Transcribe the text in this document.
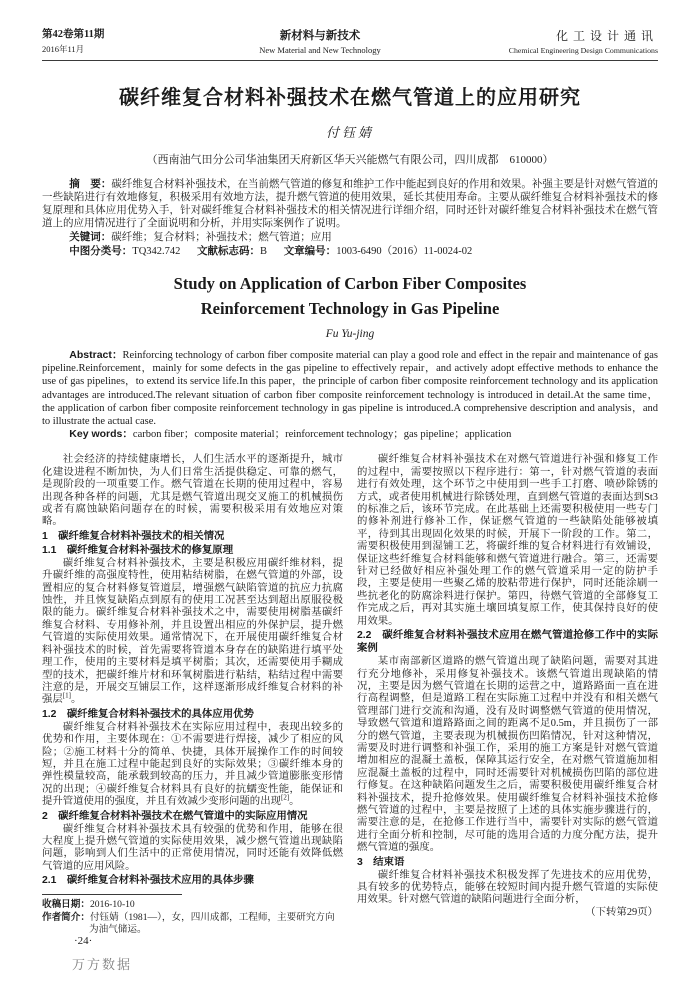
第42卷第11期
2016年11月
新材料与新技术
New Material and New Technology
化工设计通讯
Chemical Engineering Design Communications
碳纤维复合材料补强技术在燃气管道上的应用研究
付钰婧
（西南油气田分公司华油集团天府新区华天兴能燃气有限公司，四川成都　610000）

摘　要：碳纤维复合材料补强技术，在当前燃气管道的修复和维护工作中能起到良好的作用和效果。补强主要是针对燃气管道的一些缺陷进行有效地修复，积极采用有效地方法，提升燃气管道的使用效果，延长其使用寿命。主要从碳纤维复合材料补强技术的修复原理和具体应用优势入手，针对碳纤维复合材料补强技术的相关情况进行详细介绍，同时还针对碳纤维复合材料补强技术在燃气管道上的应用情况进行了全面说明和分析，并用实际案例作了说明。

关键词：碳纤维；复合材料；补强技术；燃气管道；应用
中图分类号：TQ342.742 文献标志码：B 文章编号：1003-6490（2016）11-0024-02
Study on Application of Carbon Fiber Composites
Reinforcement Technology in Gas Pipeline
Fu Yu-jing

Abstract：Reinforcing technology of carbon fiber composite material can play a good role and effect in the repair and maintenance of gas pipeline.Reinforcement，mainly for some defects in the gas pipeline to effectively repair，and actively adopt effective methods to enhance the use of gas pipelines，to extend its service life.In this paper，the principle of carbon fiber composite reinforcement technology and its application advantages are introduced.The relevant situation of carbon fiber composite reinforcement technology is introduced in detail.At the same time，the application of carbon fiber composite reinforcement technology in gas pipeline is introduced.A comprehensive description and analysis，and to illustrate the actual case.

Key words：carbon fiber；composite material；reinforcement technology；gas pipeline；application

社会经济的持续健康增长，人们生活水平的逐渐提升，城市化建设进程不断加快，为人们日常生活提供稳定、可靠的燃气，是现阶段的一项重要工作。燃气管道在长期的使用过程中，容易出现各种各样的问题，尤其是燃气管道出现交叉施工的机械损伤或者有腐蚀缺陷问题存在的时候，需要积极采用有效地应对策略。

1　碳纤维复合材料补强技术的相关情况
1.1　碳纤维复合材料补强技术的修复原理

碳纤维复合材料补强技术，主要是积极应用碳纤维材料，提升碳纤维的高强度特性，使用粘结树脂，在燃气管道的外部，设置相应的复合材料修复管道层，增强燃气缺陷管道的抗应力抗腐蚀性，并且恢复缺陷点到原有的使用工况甚至达到超出原服役极限的能力。碳纤维复合材料补强技术之中，需要使用树脂基碳纤维复合材料、专用修补剂，并且设置出相应的外保护层，提升燃气管道的实际使用效果。通常情况下，在开展使用碳纤维复合材料补强技术的时候，首先需要将管道本身存在的缺陷进行填平处理工作，使用的主要材料是填平树脂；其次，还需要使用手糊成型的技术，把碳纤维片材和环氧树脂进行粘结，粘结过程中需要注意的是，开展交互铺层工作，这样逐渐形成纤维复合材料的补强层[1]。

1.2　碳纤维复合材料补强技术的具体应用优势

碳纤维复合材料补强技术在实际应用过程中，表现出较多的优势和作用，主要体现在：①不需要进行焊接，减少了相应的风险；②施工材料十分的简单、快捷，具体开展操作工作的时间较短，并且在施工过程中能起到良好的实际效果；③碳纤维本身的弹性模量较高，能承载到较高的压力，并且减少管道膨胀变形情况的出现；④碳纤维复合材料具有良好的抗蠕变性能，能保证和提升管道使用的强度，并且有效减少变形问题的出现[2]。

2　碳纤维复合材料补强技术在燃气管道中的实际应用情况

碳纤维复合材料补强技术具有较强的优势和作用，能够在很大程度上提升燃气管道的实际使用效果，减少燃气管道出现缺陷问题，影响到人们生活中的正常使用情况，同时还能有效降低燃气管道的应用风险。

2.1　碳纤维复合材料补强技术应用的具体步骤
收稿日期：2016-10-10
作者简介：付钰婧（1981—），女，四川成都，工程师，主要研究方向为油气储运。

碳纤维复合材料补强技术在对燃气管道进行补强和修复工作的过程中，需要按照以下程序进行：第一，针对燃气管道的表面进行有效处理，这个环节之中使用到一些手工打磨、喷砂除锈的方式，或者使用机械进行除锈处理，直到燃气管道的表面达到St3的标准之后，该环节完成。在此基础上还需要积极使用一些专门的修补剂进行修补工作，保证燃气管道的一些缺陷处能够被填平，待到其出现固化效果的时候，开展下一阶段的工作。第二，需要积极使用到湿铺工艺，将碳纤维的复合材料进行有效铺设，保证这些纤维复合材料能够和燃气管道进行融合。第三，还需要针对已经做好相应补强处理工作的燃气管道采用一定的防护手段，主要是使用一些聚乙烯的胶粘带进行保护，同时还能涂刷一些抗老化的防腐涂料进行保护。第四，待燃气管道的全部修复工作完成之后，再对其实施土壤回填复原工作，使其保持良好的使用效果。

2.2　碳纤维复合材料补强技术应用在燃气管道抢修工作中的实际案例

某市南部新区道路的燃气管道出现了缺陷问题，需要对其进行充分地修补，采用修复补强技术。该燃气管道出现缺陷的情况，主要是因为燃气管道在长期的运营之中，道路路面一直在进行高程调整，但是道路工程在实际施工过程中并没有和相关燃气管理部门进行交流和沟通，没有及时调整燃气管道的使用情况，导致燃气管道和道路路面之间的距离不足0.5m，并且损伤了一部分的燃气管道，主要表现为机械损伤凹陷情况，针对这种情况，需要及时进行调整和补强工作，采用的施工方案是针对燃气管道增加相应的混凝土盖板，保障其运行安全，在对燃气管道施加相应混凝土盖板的过程中，同时还需要针对机械损伤凹陷的部位进行修复。在这种缺陷问题发生之后，需要积极使用碳纤维复合材料补强技术，提升抢修效果。使用碳纤维复合材料补强技术抢修燃气管道的过程中，主要是按照了上述的具体实施步骤进行的，需要注意的是，在抢修工作进行当中，需要针对实际的燃气管道进行全面分析和控制，尽可能的选用合适的力度分配方法，提升燃气管道的强度。

3　结束语

碳纤维复合材料补强技术积极发挥了先进技术的应用优势，具有较多的优势特点，能够在较短时间内提升燃气管道的实际使用效果。针对燃气管道的缺陷问题进行全面分析，

（下转第29页）

·24·
万方数据
